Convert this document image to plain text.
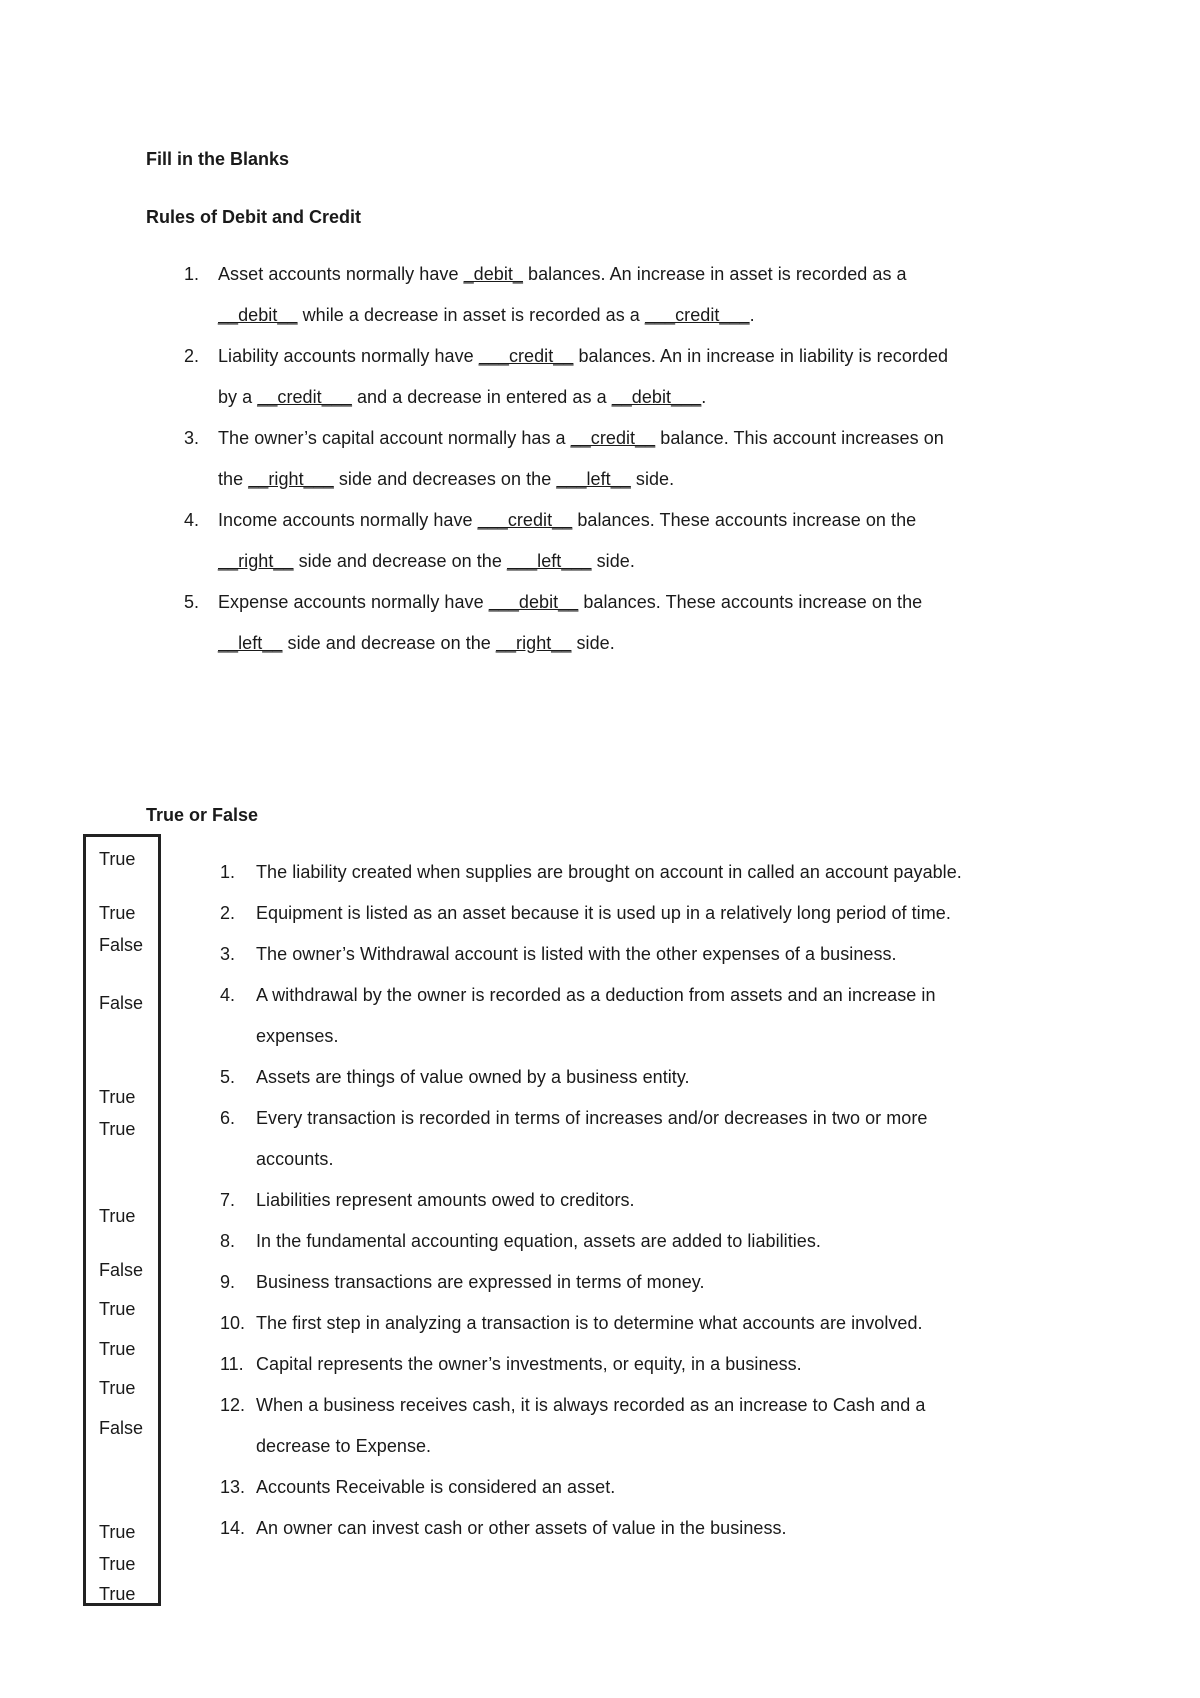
Fill in the Blanks
Rules of Debit and Credit
1. Asset accounts normally have _debit_ balances. An increase in asset is recorded as a
__debit__ while a decrease in asset is recorded as a ___credit___.
2. Liability accounts normally have ___credit__ balances. An in increase in liability is recorded
by a __credit___ and a decrease in entered as a __debit___.
3. The owner’s capital account normally has a __credit__ balance. This account increases on
the __right___ side and decreases on the ___left__ side.
4. Income accounts normally have ___credit__ balances. These accounts increase on the
__right__ side and decrease on the ___left___ side.
5. Expense accounts normally have ___debit__ balances. These accounts increase on the
__left__ side and decrease on the __right__ side.
True or False
True
True
False
False
True
True
True
False
True
True
True
False
True
True
True
1. The liability created when supplies are brought on account in called an account payable.
2. Equipment is listed as an asset because it is used up in a relatively long period of time.
3. The owner’s Withdrawal account is listed with the other expenses of a business.
4. A withdrawal by the owner is recorded as a deduction from assets and an increase in
expenses.
5. Assets are things of value owned by a business entity.
6. Every transaction is recorded in terms of increases and/or decreases in two or more
accounts.
7. Liabilities represent amounts owed to creditors.
8. In the fundamental accounting equation, assets are added to liabilities.
9. Business transactions are expressed in terms of money.
10. The first step in analyzing a transaction is to determine what accounts are involved.
11. Capital represents the owner’s investments, or equity, in a business.
12. When a business receives cash, it is always recorded as an increase to Cash and a
decrease to Expense.
13. Accounts Receivable is considered an asset.
14. An owner can invest cash or other assets of value in the business.
